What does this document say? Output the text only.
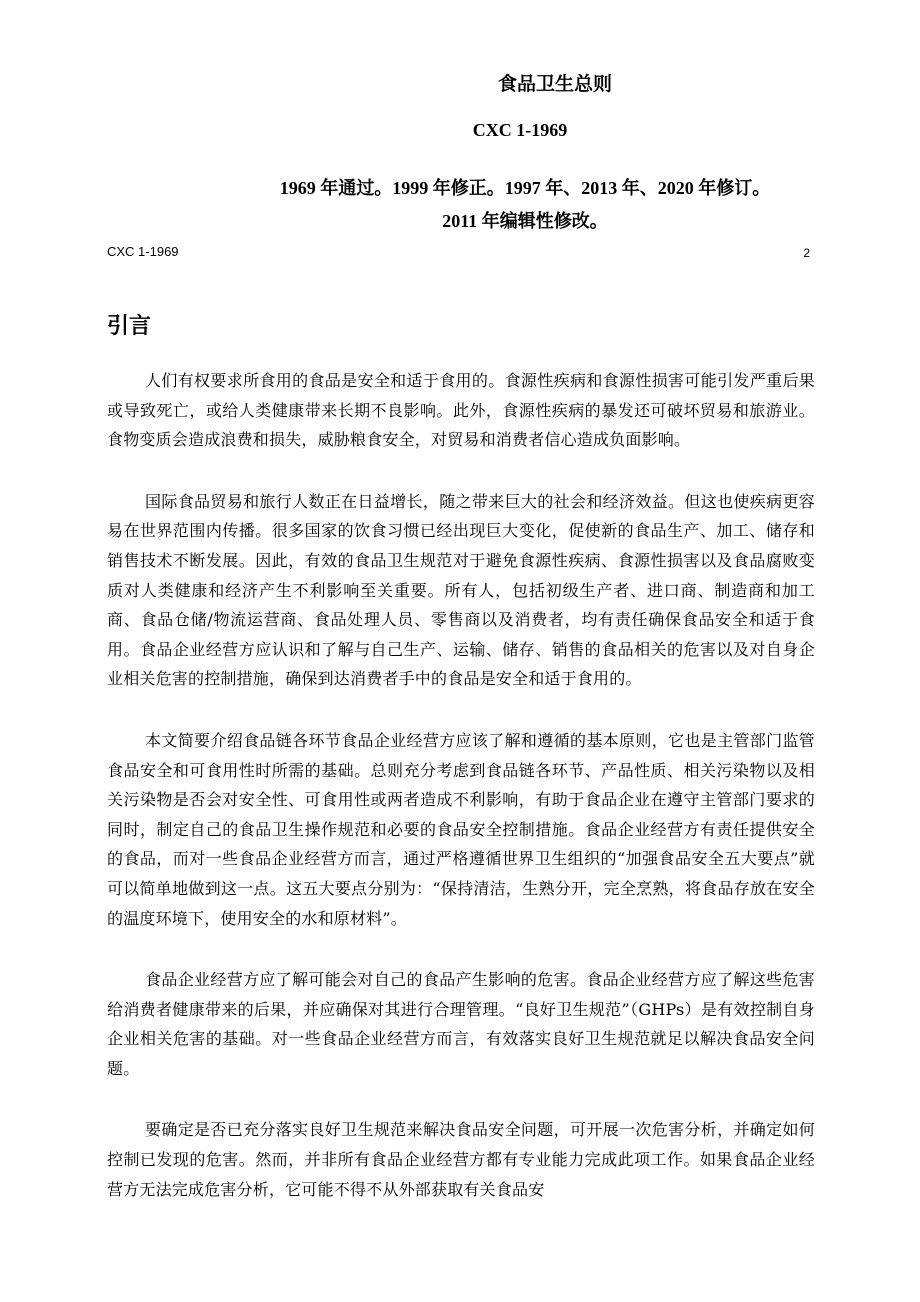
食品卫生总则
CXC 1-1969
1969 年通过。1999 年修正。1997 年、2013 年、2020 年修订。
2011 年编辑性修改。
CXC 1-1969	2
引言

人们有权要求所食用的食品是安全和适于食用的。食源性疾病和食源性损害可能引发严重后果或导致死亡，或给人类健康带来长期不良影响。此外，食源性疾病的暴发还可破坏贸易和旅游业。食物变质会造成浪费和损失，威胁粮食安全，对贸易和消费者信心造成负面影响。

国际食品贸易和旅行人数正在日益增长，随之带来巨大的社会和经济效益。但这也使疾病更容易在世界范围内传播。很多国家的饮食习惯已经出现巨大变化，促使新的食品生产、加工、储存和销售技术不断发展。因此，有效的食品卫生规范对于避免食源性疾病、食源性损害以及食品腐败变质对人类健康和经济产生不利影响至关重要。所有人，包括初级生产者、进口商、制造商和加工商、食品仓储/物流运营商、食品处理人员、零售商以及消费者，均有责任确保食品安全和适于食用。食品企业经营方应认识和了解与自己生产、运输、储存、销售的食品相关的危害以及对自身企业相关危害的控制措施，确保到达消费者手中的食品是安全和适于食用的。

本文简要介绍食品链各环节食品企业经营方应该了解和遵循的基本原则，它也是主管部门监管食品安全和可食用性时所需的基础。总则充分考虑到食品链各环节、产品性质、相关污染物以及相关污染物是否会对安全性、可食用性或两者造成不利影响，有助于食品企业在遵守主管部门要求的同时，制定自己的食品卫生操作规范和必要的食品安全控制措施。食品企业经营方有责任提供安全的食品，而对一些食品企业经营方而言，通过严格遵循世界卫生组织的“加强食品安全五大要点”就可以简单地做到这一点。这五大要点分别为：“保持清洁，生熟分开，完全烹熟，将食品存放在安全的温度环境下，使用安全的水和原材料”。

食品企业经营方应了解可能会对自己的食品产生影响的危害。食品企业经营方应了解这些危害给消费者健康带来的后果，并应确保对其进行合理管理。“良好卫生规范”（GHPs）是有效控制自身企业相关危害的基础。对一些食品企业经营方而言，有效落实良好卫生规范就足以解决食品安全问题。

要确定是否已充分落实良好卫生规范来解决食品安全问题，可开展一次危害分析，并确定如何控制已发现的危害。然而，并非所有食品企业经营方都有专业能力完成此项工作。如果食品企业经营方无法完成危害分析，它可能不得不从外部获取有关食品安
